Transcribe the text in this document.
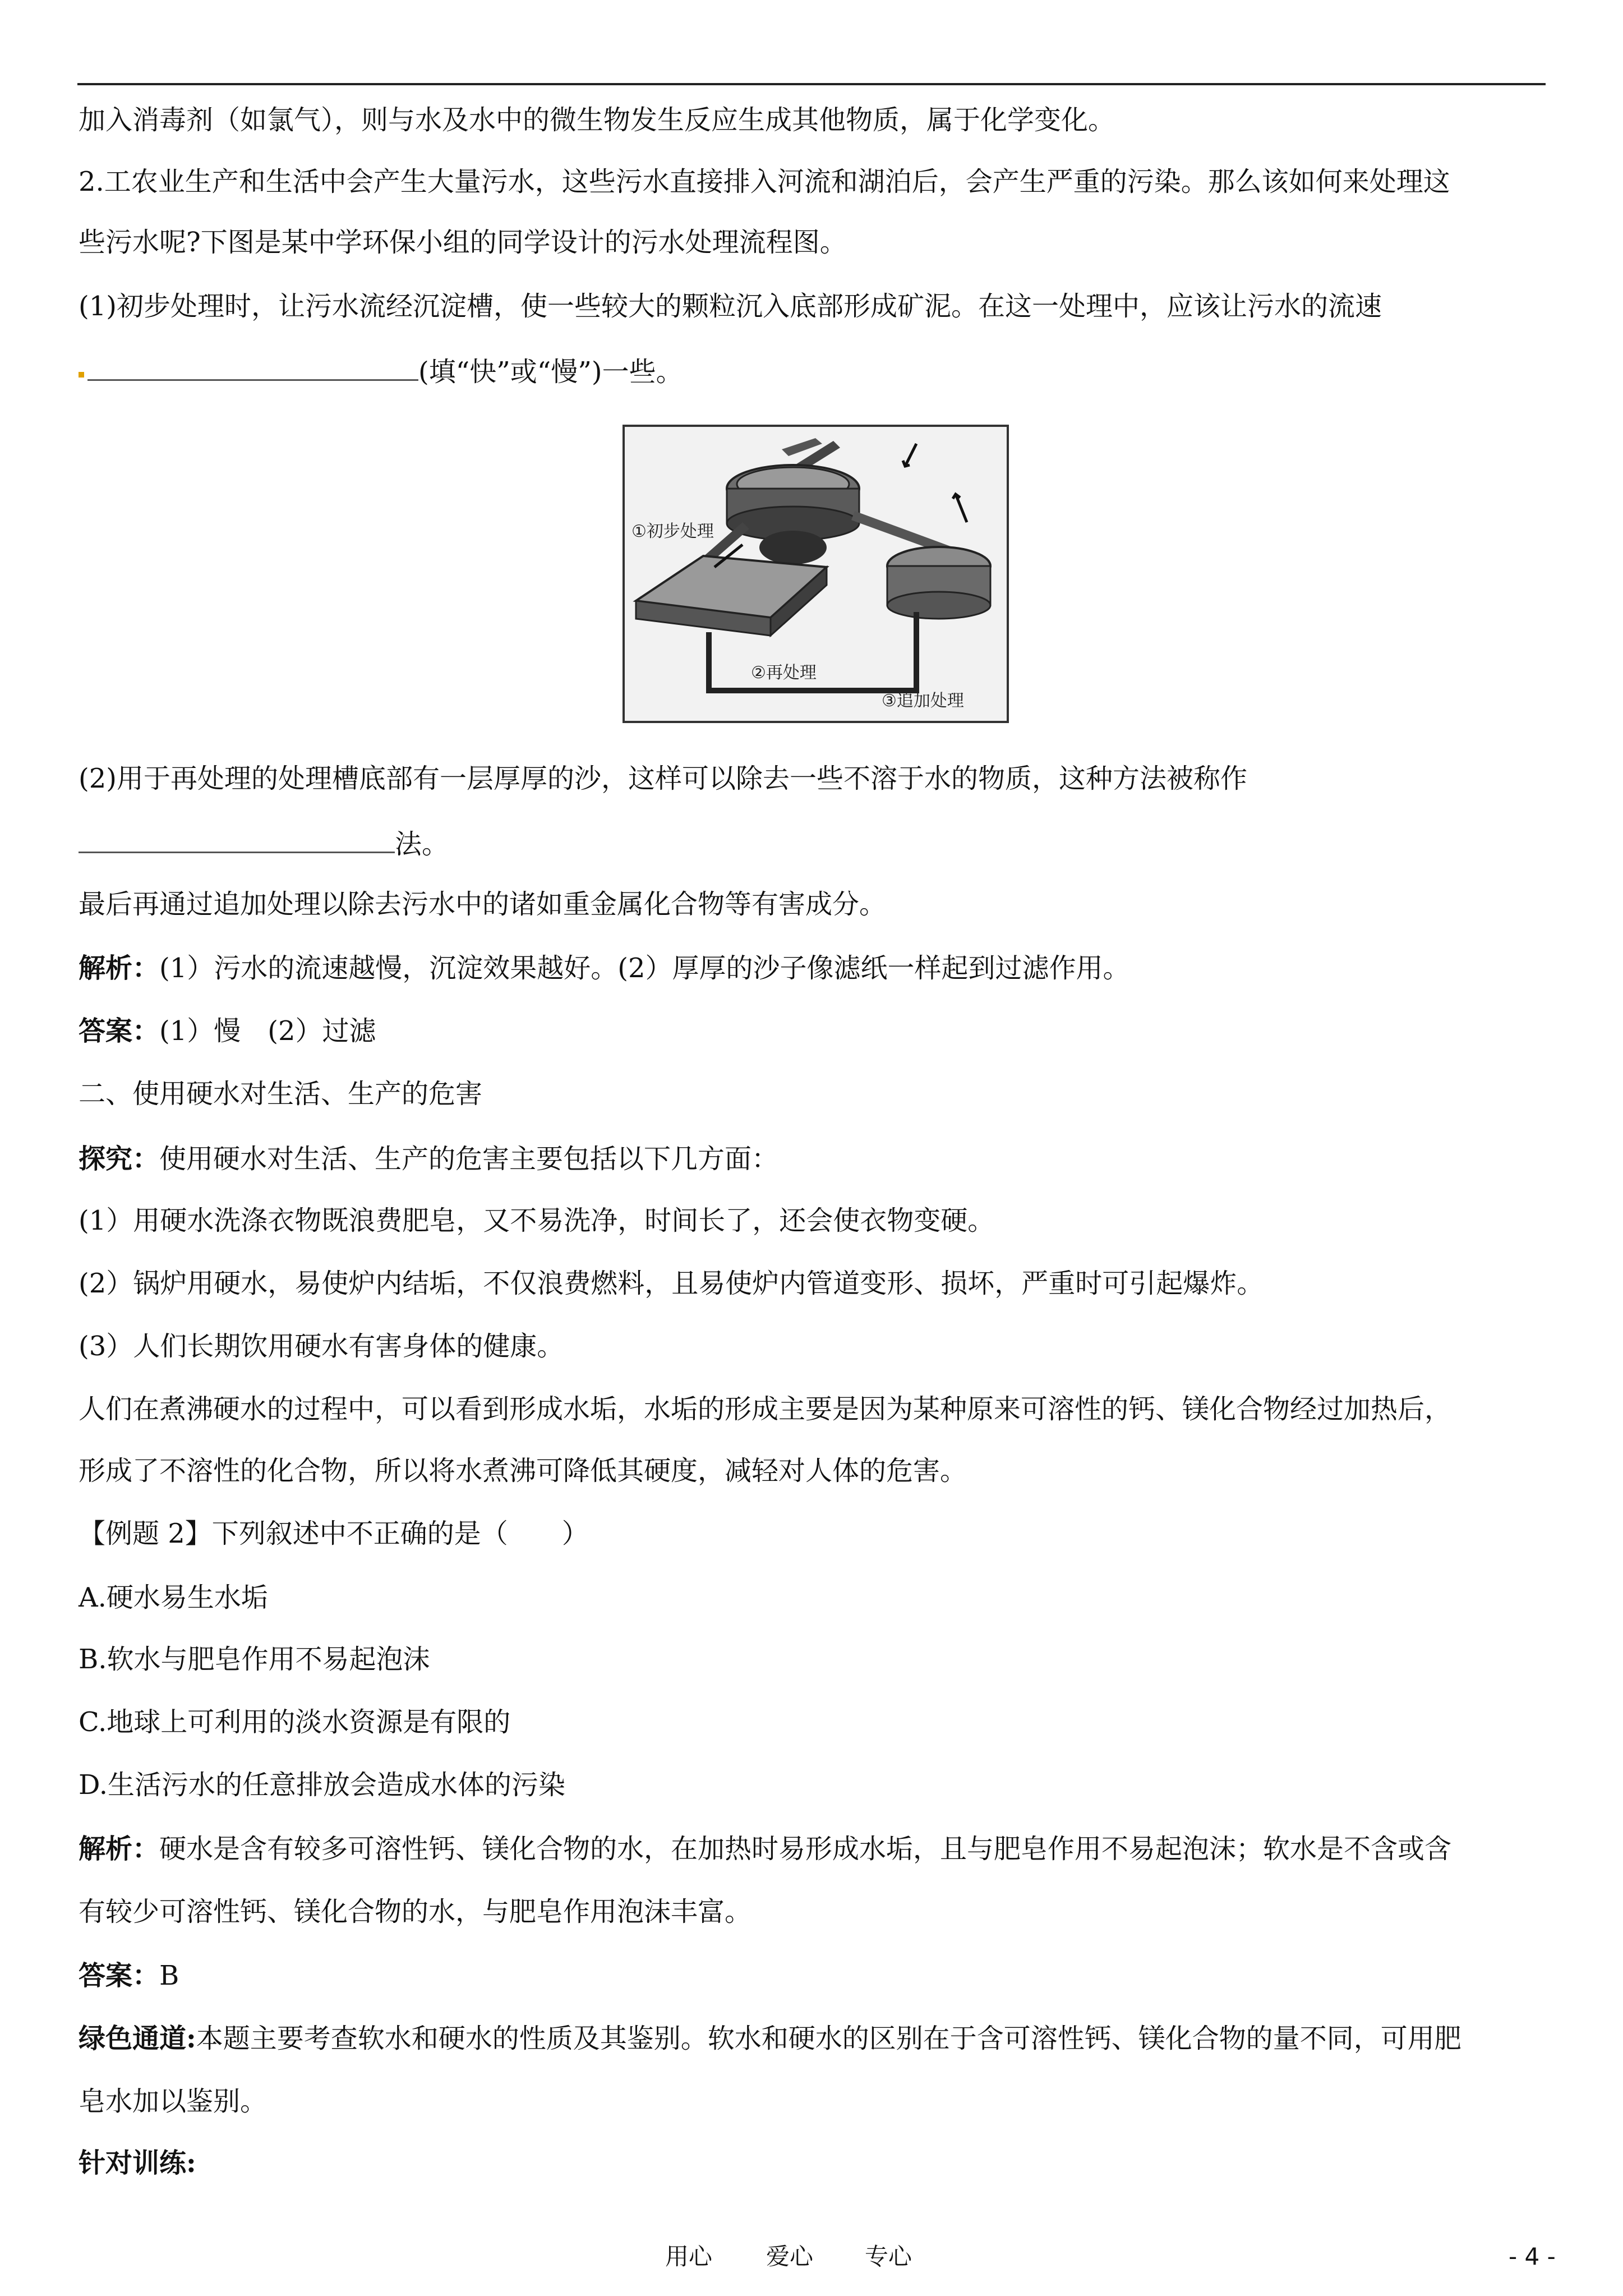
加入消毒剂（如氯气），则与水及水中的微生物发生反应生成其他物质，属于化学变化。
2.工农业生产和生活中会产生大量污水，这些污水直接排入河流和湖泊后，会产生严重的污染。那么该如何来处理这
些污水呢?下图是某中学环保小组的同学设计的污水处理流程图。
(1)初步处理时，让污水流经沉淀槽，使一些较大的颗粒沉入底部形成矿泥。在这一处理中，应该让污水的流速
(填“快”或“慢”)一些。
①初步处理
②再处理
③追加处理
(2)用于再处理的处理槽底部有一层厚厚的沙，这样可以除去一些不溶于水的物质，这种方法被称作
法。
最后再通过追加处理以除去污水中的诸如重金属化合物等有害成分。
解析：(1）污水的流速越慢，沉淀效果越好。(2）厚厚的沙子像滤纸一样起到过滤作用。
答案：(1）慢　(2）过滤
二、使用硬水对生活、生产的危害
探究：使用硬水对生活、生产的危害主要包括以下几方面：
(1）用硬水洗涤衣物既浪费肥皂，又不易洗净，时间长了，还会使衣物变硬。
(2）锅炉用硬水，易使炉内结垢，不仅浪费燃料，且易使炉内管道变形、损坏，严重时可引起爆炸。
(3）人们长期饮用硬水有害身体的健康。
人们在煮沸硬水的过程中，可以看到形成水垢，水垢的形成主要是因为某种原来可溶性的钙、镁化合物经过加热后，
形成了不溶性的化合物，所以将水煮沸可降低其硬度，减轻对人体的危害。
【例题 2】下列叙述中不正确的是（　　）
A.硬水易生水垢
B.软水与肥皂作用不易起泡沫
C.地球上可利用的淡水资源是有限的
D.生活污水的任意排放会造成水体的污染
解析：硬水是含有较多可溶性钙、镁化合物的水，在加热时易形成水垢，且与肥皂作用不易起泡沫；软水是不含或含
有较少可溶性钙、镁化合物的水，与肥皂作用泡沫丰富。
答案：B
绿色通道:本题主要考查软水和硬水的性质及其鉴别。软水和硬水的区别在于含可溶性钙、镁化合物的量不同，可用肥
皂水加以鉴别。
针对训练:
用心 爱心 专心	- 4 -
